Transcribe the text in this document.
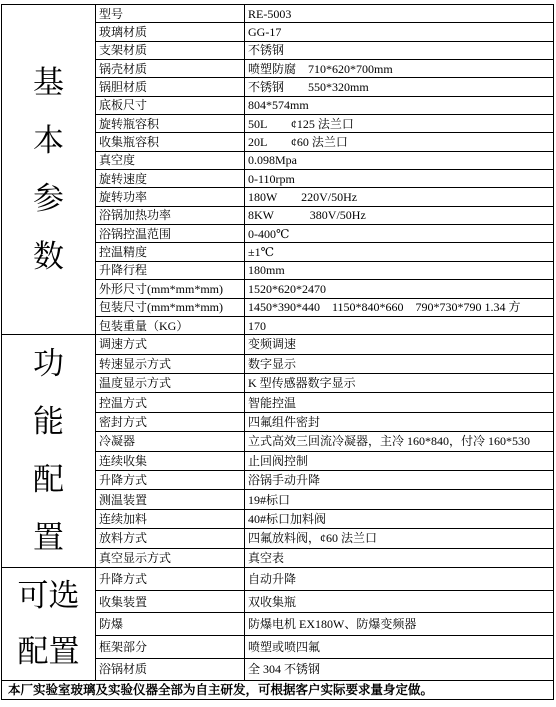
基
本
参
数	型号	RE-5003
	玻璃材质	GG-17
	支架材质	不锈钢
	锅壳材质	喷塑防腐　710*620*700mm
	锅胆材质	不锈钢　　550*320mm
	底板尺寸	804*574mm
	旋转瓶容积	50L　　ȼ125 法兰口
	收集瓶容积	20L　　ȼ60 法兰口
	真空度	0.098Mpa
	旋转速度	0-110rpm
	旋转功率	180W　　220V/50Hz
	浴锅加热功率	8KW　　　380V/50Hz
	浴锅控温范围	0-400℃
	控温精度	±1℃
	升降行程	180mm
	外形尺寸(mm*mm*mm)	1520*620*2470
	包装尺寸(mm*mm*mm)	1450*390*440　1150*840*660　790*730*790 1.34 方
	包装重量（KG）	170
功
能
配
置	调速方式	变频调速
	转速显示方式	数字显示
	温度显示方式	K 型传感器数字显示
	控温方式	智能控温
	密封方式	四氟组件密封
	冷凝器	立式高效三回流冷凝器，主冷 160*840，付冷 160*530
	连续收集	止回阀控制
	升降方式	浴锅手动升降
	测温装置	19#标口
	连续加料	40#标口加料阀
	放料方式	四氟放料阀，ȼ60 法兰口
	真空显示方式	真空表

可选
配置	升降方式	自动升降
	收集装置	双收集瓶
	防爆	防爆电机 EX180W、防爆变频器
	框架部分	喷塑或喷四氟
	浴锅材质	全 304 不锈钢
本厂实验室玻璃及实验仪器全部为自主研发，可根据客户实际要求量身定做。		
